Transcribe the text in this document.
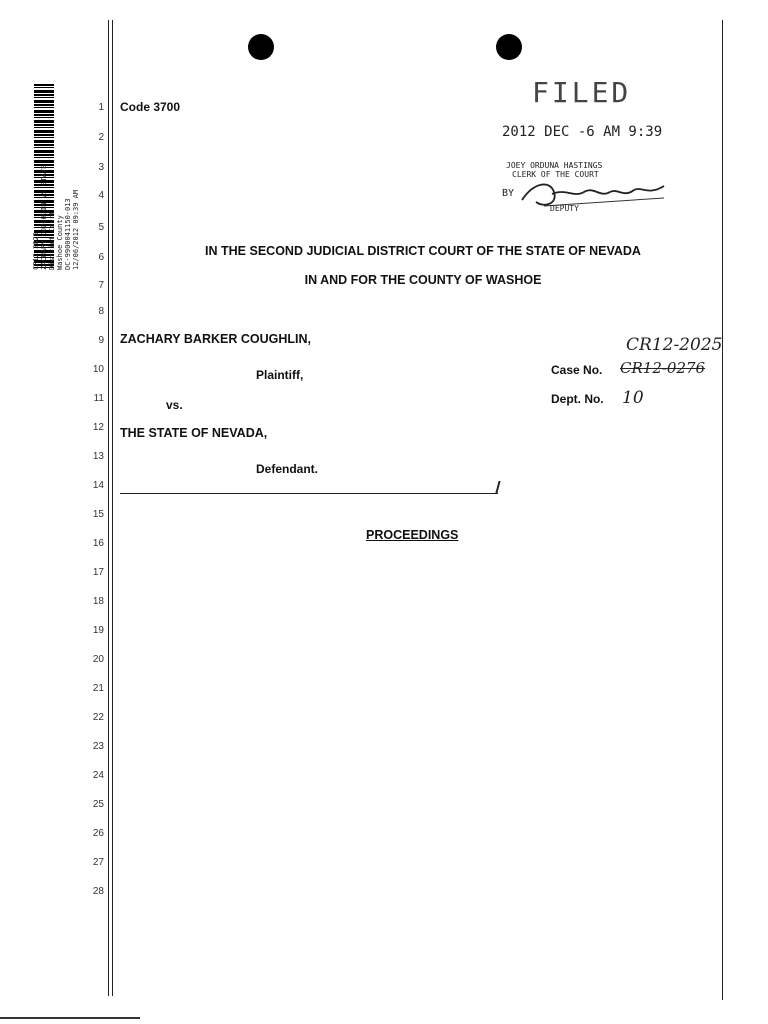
CR12-2025 ZACHARY COUGHLIN VS STATE District Court Washoe County DC-9900041150-013 12/06/2012 09:39 AM
1
2
3
4
5
6
7
8
9
10
11
12
13
14
15
16
17
18
19
20
21
22
23
24
25
26
27
28
Code 3700	FILED
2012 DEC -6 AM 9:39
JOEY ORDUNA HASTINGS
CLERK OF THE COURT
BY
DEPUTY
IN THE SECOND JUDICIAL DISTRICT COURT OF THE STATE OF NEVADA
IN AND FOR THE COUNTY OF WASHOE
ZACHARY BARKER COUGHLIN,
Plaintiff,
vs.
THE STATE OF NEVADA,
Defendant.
CR12-2025
Case No. CR12-0276
Dept. No. 10
PROCEEDINGS
